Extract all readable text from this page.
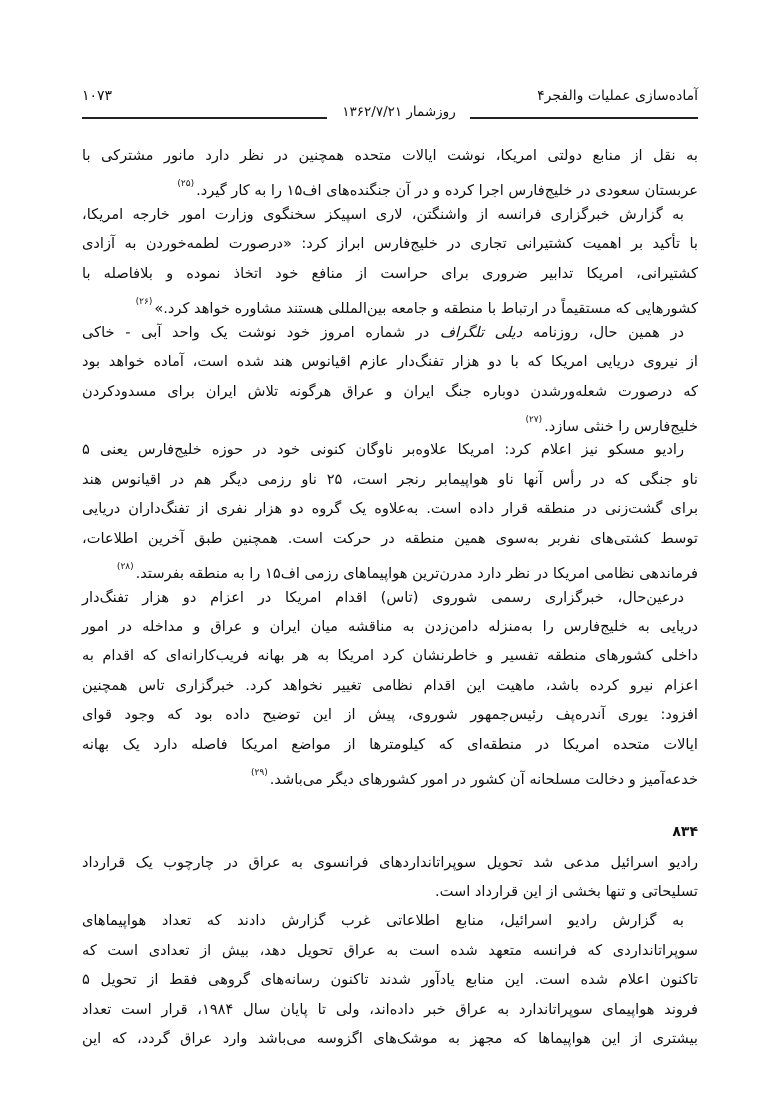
آماده‌سازی عملیات والفجر۴
۱۰۷۳
روزشمار ۱۳۶۲/۷/۲۱
به نقل از منابع دولتی امریکا، نوشت ایالات متحده همچنین در نظر دارد مانور مشترکی با
عربستان سعودی در خلیج‌فارس اجرا کرده و در آن جنگنده‌های اف۱۵ را به کار گیرد.$^{(۲۵)}$
به گزارش خبرگزاری فرانسه از واشنگتن، لاری اسپیکز سخنگوی وزارت امور خارجه امریکا،
با تأکید بر اهمیت کشتیرانی تجاری در خلیج‌فارس ابراز کرد: «درصورت لطمه‌خوردن به آزادی
کشتیرانی، امریکا تدابیر ضروری برای حراست از منافع خود اتخاذ نموده و بلافاصله با
کشورهایی که مستقیماً در ارتباط با منطقه و جامعه بین‌المللی هستند مشاوره خواهد کرد.»$^{(۲۶)}$
در همین حال، روزنامه دیلی تلگراف در شماره امروز خود نوشت یک واحد آبی - خاکی
از نیروی دریایی امریکا که با دو هزار تفنگ‌دار عازم اقیانوس هند شده است، آماده خواهد بود
که درصورت شعله‌ورشدن دوباره جنگ ایران و عراق هرگونه تلاش ایران برای مسدودکردن
خلیج‌فارس را خنثی سازد.$^{(۲۷)}$
رادیو مسکو نیز اعلام کرد: امریکا علاوه‌بر ناوگان کنونی خود در حوزه خلیج‌فارس یعنی ۵
ناو جنگی که در رأس آنها ناو هواپیمابر رنجر است، ۲۵ ناو رزمی دیگر هم در اقیانوس هند
برای گشت‌زنی در منطقه قرار داده است. به‌علاوه یک گروه دو هزار نفری از تفنگ‌داران دریایی
توسط کشتی‌های نفربر به‌سوی همین منطقه در حرکت است. همچنین طبق آخرین اطلاعات،
فرماندهی نظامی امریکا در نظر دارد مدرن‌ترین هواپیماهای رزمی اف۱۵ را به منطقه بفرستد.$^{(۲۸)}$
درعین‌حال، خبرگزاری رسمی شوروی (تاس) اقدام امریکا در اعزام دو هزار تفنگ‌دار
دریایی به خلیج‌فارس را به‌منزله دامن‌زدن به مناقشه میان ایران و عراق و مداخله در امور
داخلی کشورهای منطقه تفسیر و خاطرنشان کرد امریکا به هر بهانه فریب‌کارانه‌ای که اقدام به
اعزام نیرو کرده باشد، ماهیت این اقدام نظامی تغییر نخواهد کرد. خبرگزاری تاس همچنین
افزود: یوری آندره‌پف رئیس‌جمهور شوروی، پیش از این توضیح داده بود که وجود قوای
ایالات متحده امریکا در منطقه‌ای که کیلومترها از مواضع امریکا فاصله دارد یک بهانه
خدعه‌آمیز و دخالت مسلحانه آن کشور در امور کشورهای دیگر می‌باشد.$^{(۲۹)}$
۸۳۴
رادیو اسرائیل مدعی شد تحویل سوپراتانداردهای فرانسوی به عراق در چارچوب یک قرارداد
تسلیحاتی و تنها بخشی از این قرارداد است.
به گزارش رادیو اسرائیل، منابع اطلاعاتی غرب گزارش دادند که تعداد هواپیماهای
سوپراتانداردی که فرانسه متعهد شده است به عراق تحویل دهد، بیش از تعدادی است که
تاکنون اعلام شده است. این منابع یادآور شدند تاکنون رسانه‌های گروهی فقط از تحویل ۵
فروند هواپیمای سوپراتاندارد به عراق خبر داده‌اند، ولی تا پایان سال ۱۹۸۴، قرار است تعداد
بیشتری از این هواپیماها که مجهز به موشک‌های اگزوسه می‌باشد وارد عراق گردد، که این
